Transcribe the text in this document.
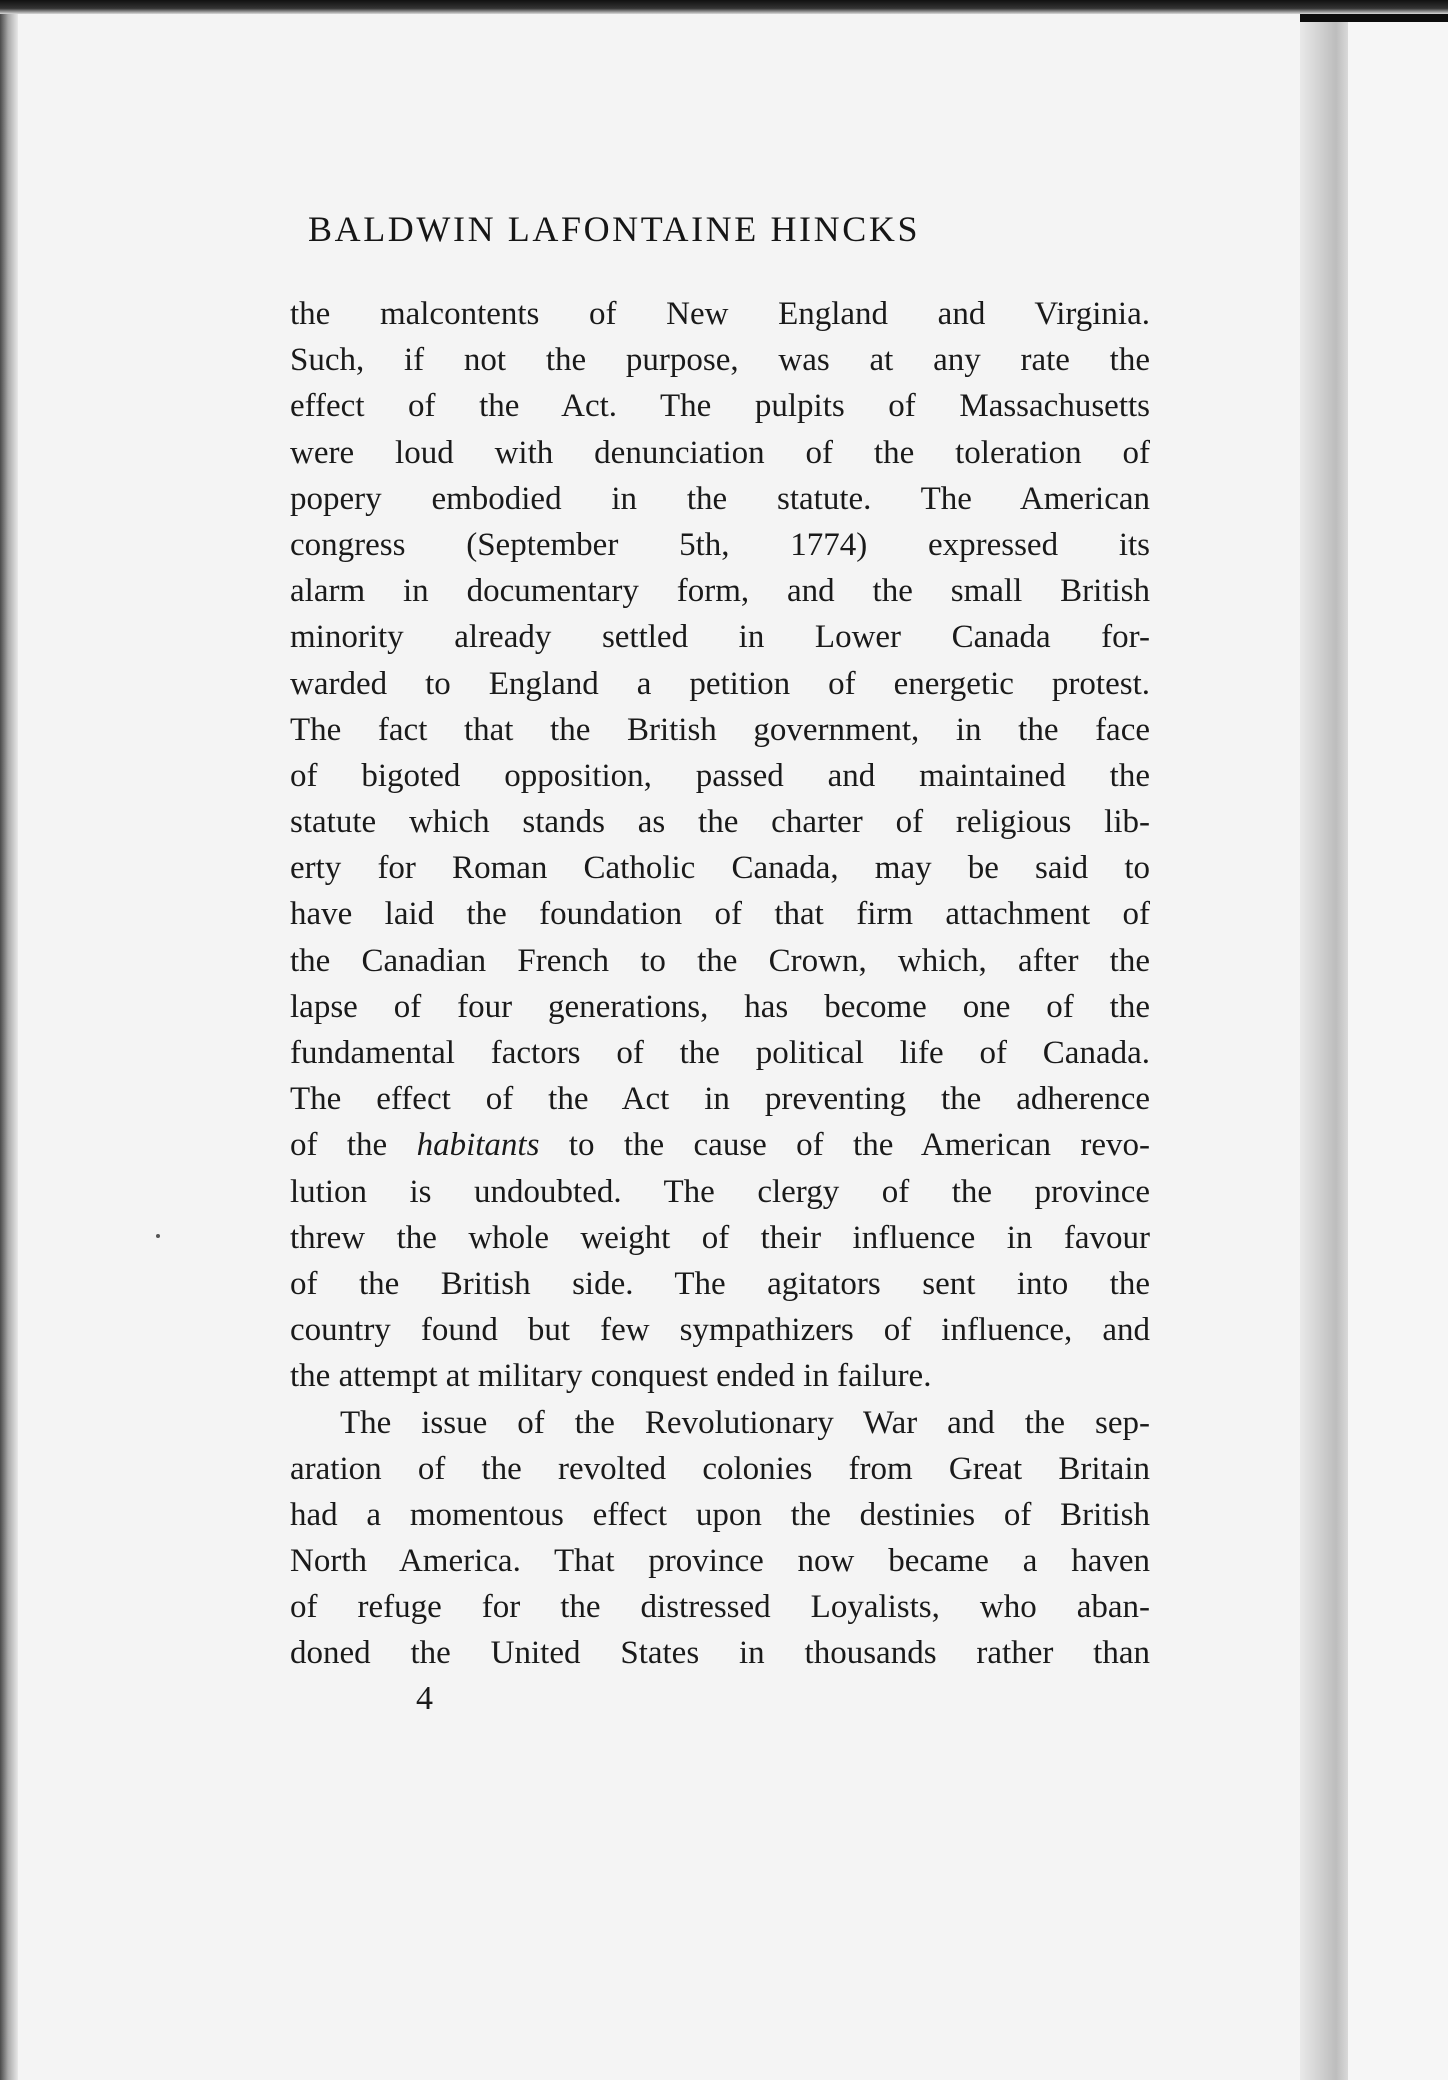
BALDWIN LAFONTAINE HINCKS
the malcontents of New England and Virginia.
Such, if not the purpose, was at any rate the
effect of the Act. The pulpits of Massachusetts
were loud with denunciation of the toleration of
popery embodied in the statute. The American
congress (September 5th, 1774) expressed its
alarm in documentary form, and the small British
minority already settled in Lower Canada for-
warded to England a petition of energetic protest.
The fact that the British government, in the face
of bigoted opposition, passed and maintained the
statute which stands as the charter of religious lib-
erty for Roman Catholic Canada, may be said to
have laid the foundation of that firm attachment of
the Canadian French to the Crown, which, after the
lapse of four generations, has become one of the
fundamental factors of the political life of Canada.
The effect of the Act in preventing the adherence
of the habitants to the cause of the American revo-
lution is undoubted. The clergy of the province
threw the whole weight of their influence in favour
of the British side. The agitators sent into the
country found but few sympathizers of influence, and
the attempt at military conquest ended in failure.
The issue of the Revolutionary War and the sep-
aration of the revolted colonies from Great Britain
had a momentous effect upon the destinies of British
North America. That province now became a haven
of refuge for the distressed Loyalists, who aban-
doned the United States in thousands rather than
4
